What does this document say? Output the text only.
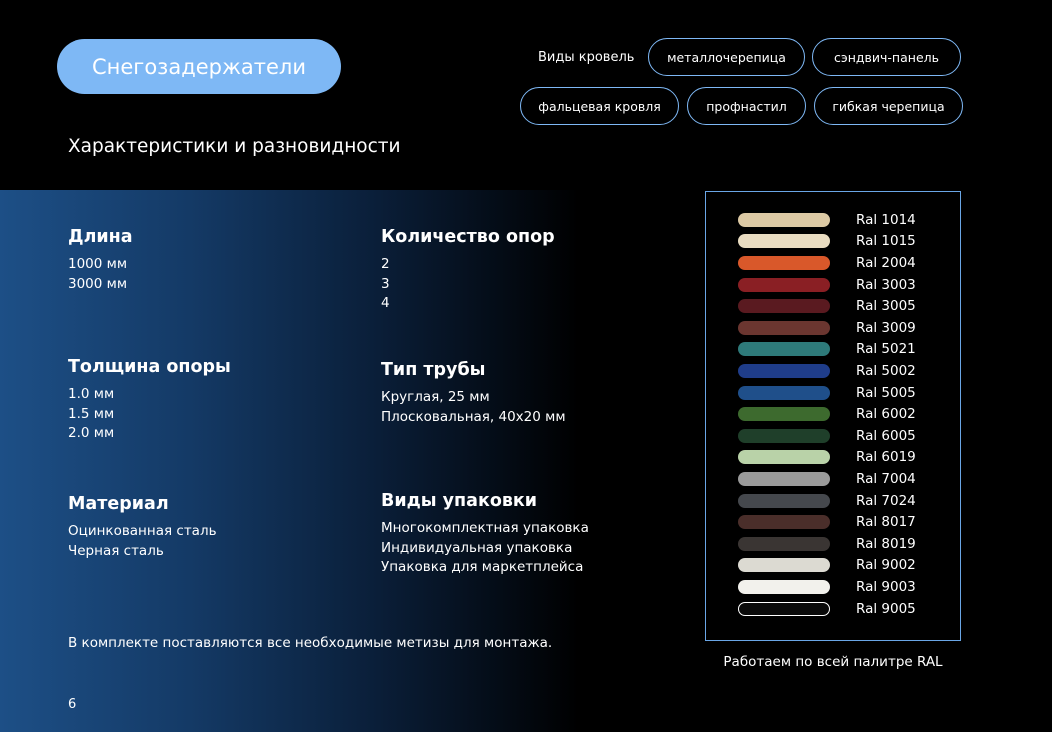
Снегозадержатели	Виды кровель	металлочерепица	сэндвич-панель
фальцевая кровля	профнастил	гибкая черепица
Характеристики и разновидности
Длина
1000 мм
3000 мм
Количество опор
2
3
4
Толщина опоры
1.0 мм
1.5 мм
2.0 мм
Тип трубы
Круглая, 25 мм
Плосковальная, 40х20 мм
Материал
Оцинкованная сталь
Черная сталь
Виды упаковки
Многокомплектная упаковка
Индивидуальная упаковка
Упаковка для маркетплейса
В комплекте поставляются все необходимые метизы для монтажа.
6
Ral 1014
Ral 1015
Ral 2004
Ral 3003
Ral 3005
Ral 3009
Ral 5021
Ral 5002
Ral 5005
Ral 6002
Ral 6005
Ral 6019
Ral 7004
Ral 7024
Ral 8017
Ral 8019
Ral 9002
Ral 9003
Ral 9005
Работаем по всей палитре RAL
